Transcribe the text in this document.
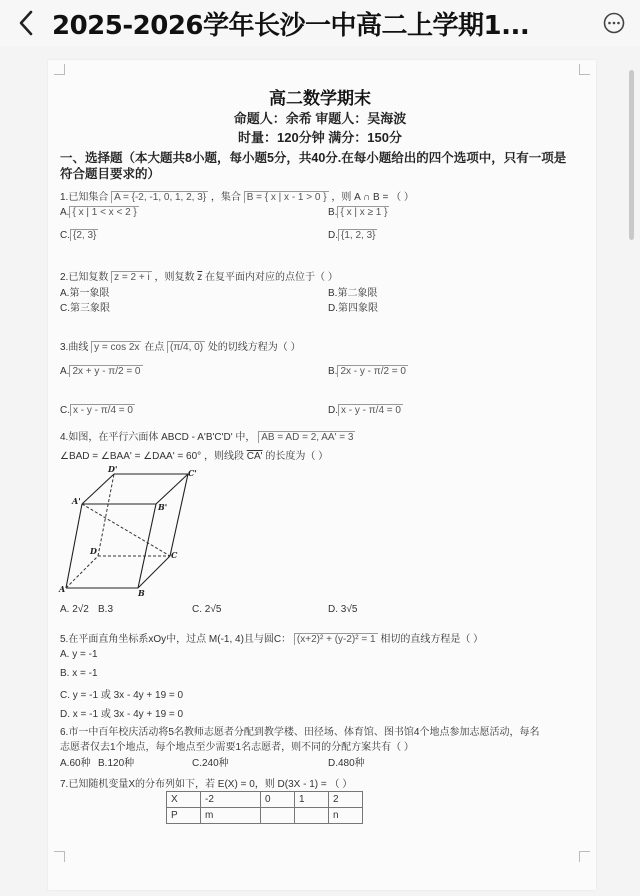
2025-2026学年长沙一中高二上学期1...
高二数学期末
命题人：余希 审题人：吴海波
时量：120分钟 满分：150分
一、选择题（本大题共8小题，每小题5分，共40分.在每小题给出的四个选项中，只有一项是
符合题目要求的）
1.已知集合 A = {-2, -1, 0, 1, 2, 3} ，集合 B = { x | x - 1 > 0 } ，则 A ∩ B = （ ）
A. { x | 1 < x < 2 }	B. { x | x ≥ 1 }
C. {2, 3}	D. {1, 2, 3}
2.已知复数 z = 2 + i ，则复数 $\overline{z}$ 在复平面内对应的点位于（ ）
A.第一象限	B.第二象限
C.第三象限	D.第四象限
3.曲线 y = cos 2x 在点 (π/4, 0) 处的切线方程为（ ）
A. 2x + y - π/2 = 0	B. 2x - y - π/2 = 0
C. x - y - π/4 = 0	D. x - y - π/4 = 0
4.如图，在平行六面体 ABCD - A'B'C'D' 中， AB = AD = 2, AA' = 3
∠BAD = ∠BAA' = ∠DAA' = 60° ，则线段 CA' 的长度为（ ）
D'	C'
A'
B'
D	C
A	B
A. 2√2 B.3	C. 2√5	D. 3√5
5.在平面直角坐标系xOy中，过点 M(-1, 4)且与圆C： (x+2)² + (y-2)² = 1 相切的直线方程是（ ）
A. y = -1
B. x = -1
C. y = -1 或 3x - 4y + 19 = 0
D. x = -1 或 3x - 4y + 19 = 0
6.市一中百年校庆活动将5名教师志愿者分配到教学楼、田径场、体育馆、图书馆4个地点参加志愿活动，每名
志愿者仅去1个地点，每个地点至少需要1名志愿者，则不同的分配方案共有（ ）
A.60种 B.120种	C.240种	D.480种
7.已知随机变量X的分布列如下，若 E(X) = 0，则 D(3X - 1) = （ ）
X	-2	0	1	2
P	m			n
